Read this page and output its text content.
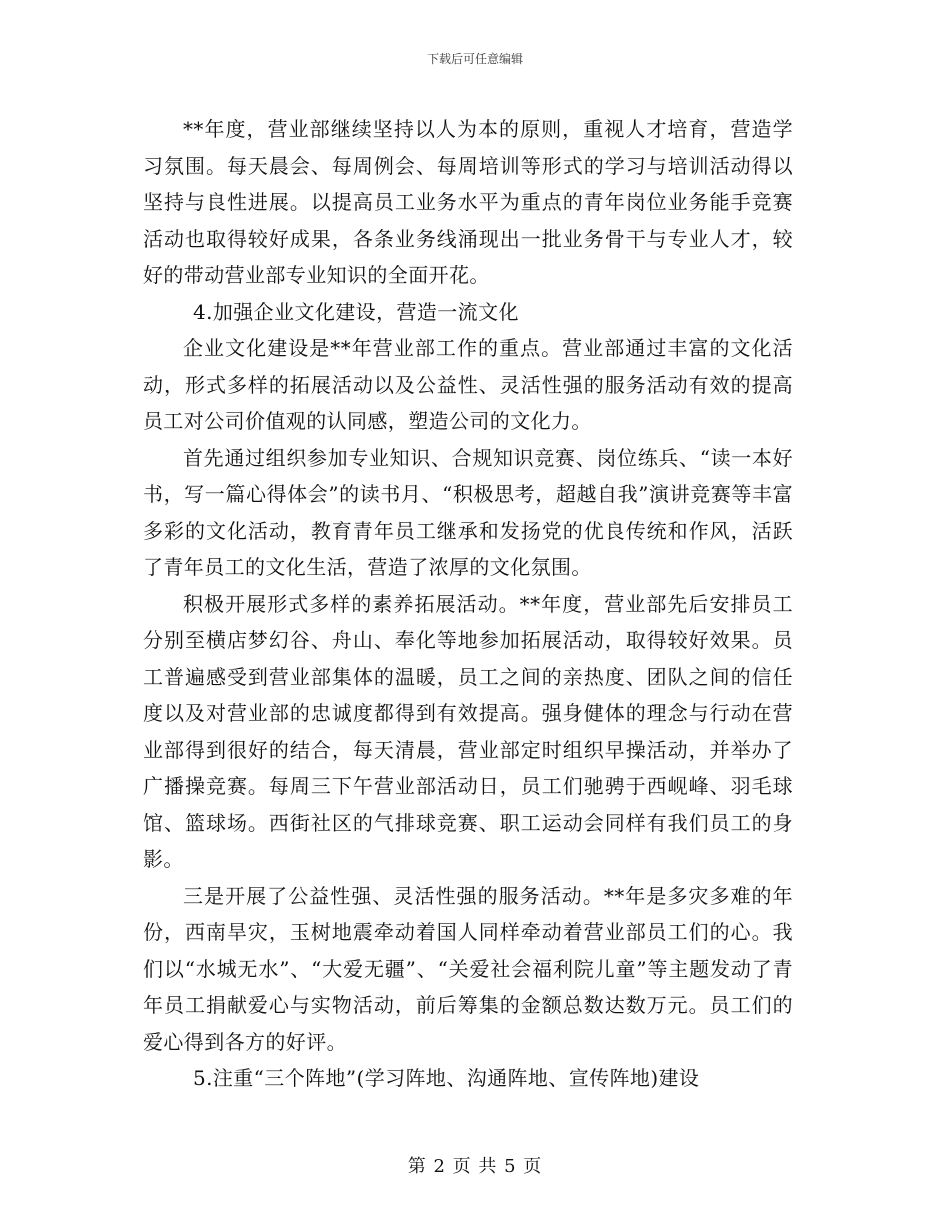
下载后可任意编辑

**年度，营业部继续坚持以人为本的原则，重视人才培育，营造学习氛围。每天晨会、每周例会、每周培训等形式的学习与培训活动得以坚持与良性进展。以提高员工业务水平为重点的青年岗位业务能手竞赛活动也取得较好成果，各条业务线涌现出一批业务骨干与专业人才，较好的带动营业部专业知识的全面开花。

4.加强企业文化建设，营造一流文化

企业文化建设是**年营业部工作的重点。营业部通过丰富的文化活动，形式多样的拓展活动以及公益性、灵活性强的服务活动有效的提高员工对公司价值观的认同感，塑造公司的文化力。

首先通过组织参加专业知识、合规知识竞赛、岗位练兵、“读一本好书，写一篇心得体会”的读书月、“积极思考，超越自我”演讲竞赛等丰富多彩的文化活动，教育青年员工继承和发扬党的优良传统和作风，活跃了青年员工的文化生活，营造了浓厚的文化氛围。

积极开展形式多样的素养拓展活动。**年度，营业部先后安排员工分别至横店梦幻谷、舟山、奉化等地参加拓展活动，取得较好效果。员工普遍感受到营业部集体的温暖，员工之间的亲热度、团队之间的信任度以及对营业部的忠诚度都得到有效提高。强身健体的理念与行动在营业部得到很好的结合，每天清晨，营业部定时组织早操活动，并举办了广播操竞赛。每周三下午营业部活动日，员工们驰骋于西岘峰、羽毛球馆、篮球场。西街社区的气排球竞赛、职工运动会同样有我们员工的身影。

三是开展了公益性强、灵活性强的服务活动。**年是多灾多难的年份，西南旱灾，玉树地震牵动着国人同样牵动着营业部员工们的心。我们以“水城无水”、“大爱无疆”、“关爱社会福利院儿童”等主题发动了青年员工捐献爱心与实物活动，前后筹集的金额总数达数万元。员工们的爱心得到各方的好评。

5.注重“三个阵地”(学习阵地、沟通阵地、宣传阵地)建设

第 2 页 共 5 页
